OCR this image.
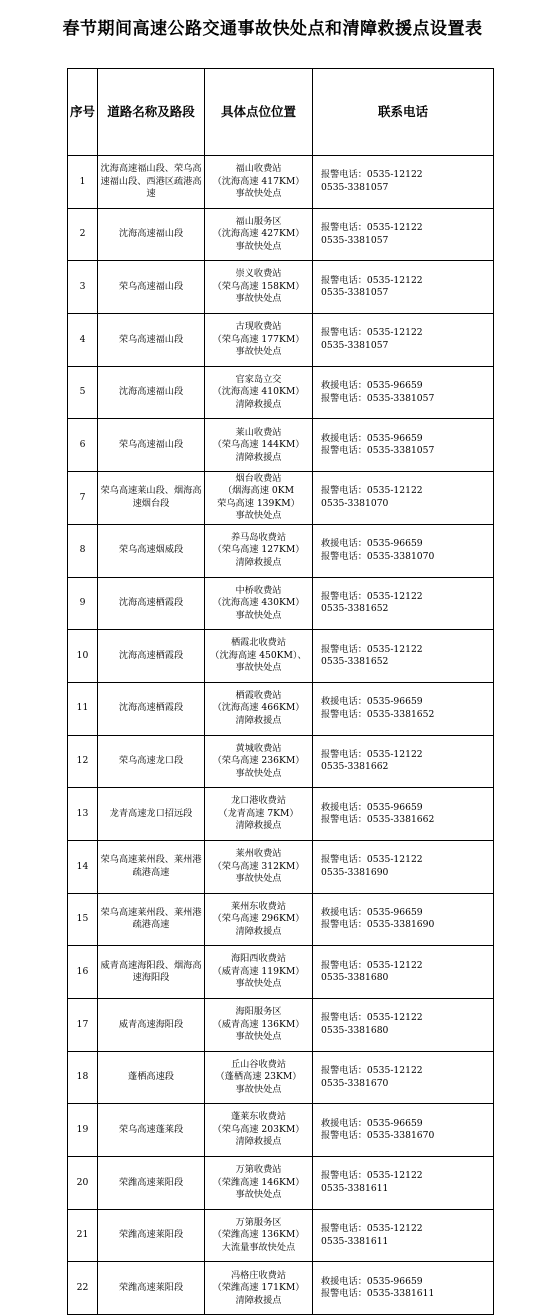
春节期间高速公路交通事故快处点和清障救援点设置表
序号	道路名称及路段	具体点位位置	联系电话
1	沈海高速福山段、荣乌高速福山段、西港区疏港高速	福山收费站
（沈海高速 417KM）
事故快处点	报警电话：0535-12122
0535-3381057
2	沈海高速福山段	福山服务区
（沈海高速 427KM）
事故快处点	报警电话：0535-12122
0535-3381057
3	荣乌高速福山段	崇义收费站
（荣乌高速 158KM）
事故快处点	报警电话：0535-12122
0535-3381057
4	荣乌高速福山段	古现收费站
（荣乌高速 177KM）
事故快处点	报警电话：0535-12122
0535-3381057
5	沈海高速福山段	官家岛立交
（沈海高速 410KM）
清障救援点	救援电话：0535-96659
报警电话：0535-3381057
6	荣乌高速福山段	莱山收费站
（荣乌高速 144KM）
清障救援点	救援电话：0535-96659
报警电话：0535-3381057
7	荣乌高速莱山段、烟海高速烟台段	烟台收费站
（烟海高速 0KM
荣乌高速 139KM）
事故快处点	报警电话：0535-12122
0535-3381070
8	荣乌高速烟威段	养马岛收费站
（荣乌高速 127KM）
清障救援点	救援电话：0535-96659
报警电话：0535-3381070
9	沈海高速栖霞段	中桥收费站
（沈海高速 430KM）
事故快处点	报警电话：0535-12122
0535-3381652
10	沈海高速栖霞段	栖霞北收费站
（沈海高速 450KM）、
事故快处点	报警电话：0535-12122
0535-3381652
11	沈海高速栖霞段	栖霞收费站
（沈海高速 466KM）
清障救援点	救援电话：0535-96659
报警电话：0535-3381652
12	荣乌高速龙口段	黄城收费站
（荣乌高速 236KM）
事故快处点	报警电话：0535-12122
0535-3381662
13	龙青高速龙口招远段	龙口港收费站
（龙青高速 7KM）
清障救援点	救援电话：0535-96659
报警电话：0535-3381662
14	荣乌高速莱州段、莱州港疏港高速	莱州收费站
（荣乌高速 312KM）
事故快处点	报警电话：0535-12122
0535-3381690
15	荣乌高速莱州段、莱州港疏港高速	莱州东收费站
（荣乌高速 296KM）
清障救援点	救援电话：0535-96659
报警电话：0535-3381690
16	威青高速海阳段、烟海高速海阳段	海阳西收费站
（威青高速 119KM）
事故快处点	报警电话：0535-12122
0535-3381680
17	威青高速海阳段	海阳服务区
（威青高速 136KM）
事故快处点	报警电话：0535-12122
0535-3381680
18	蓬栖高速段	丘山谷收费站
（蓬栖高速 23KM）
事故快处点	报警电话：0535-12122
0535-3381670
19	荣乌高速蓬莱段	蓬莱东收费站
（荣乌高速 203KM）
清障救援点	救援电话：0535-96659
报警电话：0535-3381670
20	荣潍高速莱阳段	万第收费站
（荣潍高速 146KM）
事故快处点	报警电话：0535-12122
0535-3381611
21	荣潍高速莱阳段	万第服务区
（荣潍高速 136KM）
大流量事故快处点	报警电话：0535-12122
0535-3381611
22	荣潍高速莱阳段	冯格庄收费站
（荣潍高速 171KM）
清障救援点	救援电话：0535-96659
报警电话：0535-3381611
